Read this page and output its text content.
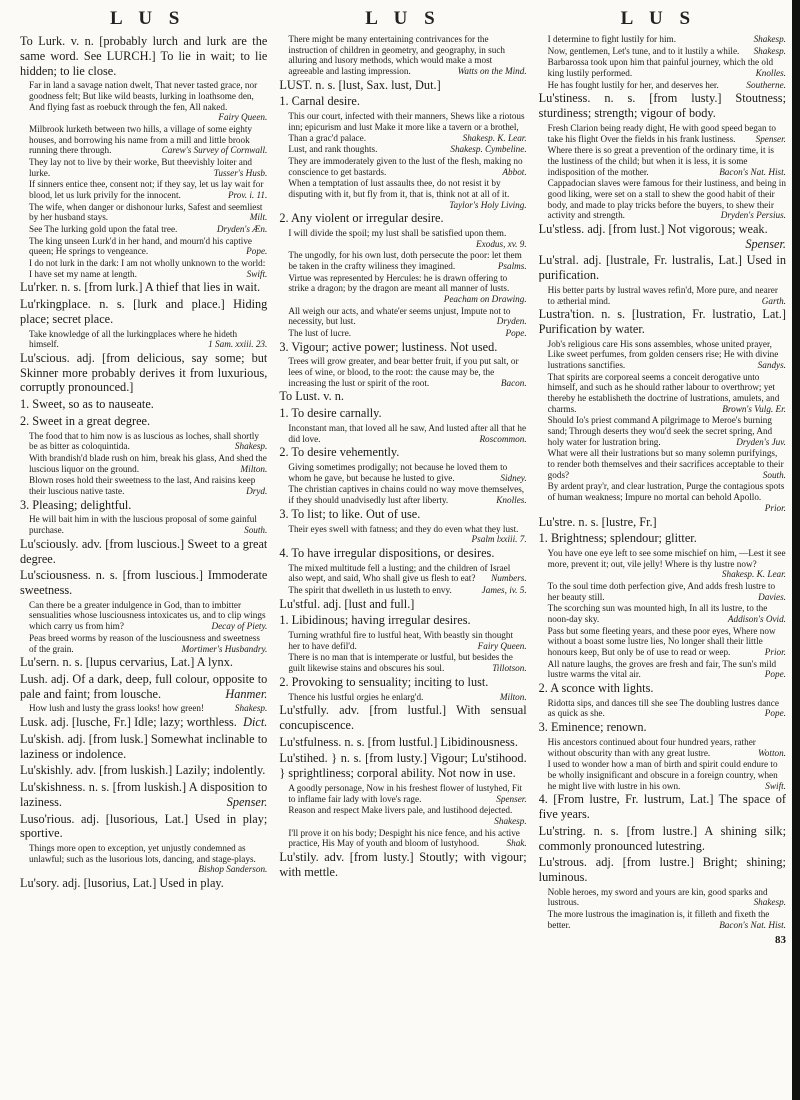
L U S	L U S	L U S
To Lurk. v. n. [probably lurch and lurk are the same word. See LURCH.] To lie in wait; to lie hidden; to lie close.
Far in land a savage nation dwelt, That never tasted grace, nor goodness felt; But like wild beasts, lurking in loathsome den, And flying fast as roebuck through the fen, All naked.
Fairy Queen.
Milbrook lurketh between two hills, a village of some eighty houses, and borrowing his name from a mill and little brook running there through.	Carew's Survey of Cornwall.
They lay not to live by their worke, But theevishly loiter and lurke.	Tusser's Husb.
If sinners entice thee, consent not; if they say, let us lay wait for blood, let us lurk privily for the innocent.	Prov. i. 11.
The wife, when danger or dishonour lurks, Safest and seemliest by her husband stays.	Milt.
See The lurking gold upon the fatal tree.	Dryden's Æn.
The king unseen Lurk'd in her hand, and mourn'd his captive queen; He springs to vengeance.	Pope.
I do not lurk in the dark: I am not wholly unknown to the world: I have set my name at length.	Swift.
Lu'rker. n. s. [from lurk.] A thief that lies in wait.
Lu'rkingplace. n. s. [lurk and place.] Hiding place; secret place.
Take knowledge of all the lurkingplaces where he hideth himself.	1 Sam. xxiii. 23.
Lu'scious. adj. [from delicious, say some; but Skinner more probably derives it from luxurious, corruptly pronounced.]
1. Sweet, so as to nauseate.
2. Sweet in a great degree.
The food that to him now is as luscious as loches, shall shortly be as bitter as coloquintida.	Shakesp.
With brandish'd blade rush on him, break his glass, And shed the luscious liquor on the ground.	Milton.
Blown roses hold their sweetness to the last, And raisins keep their luscious native taste.	Dryd.
3. Pleasing; delightful.
He will bait him in with the luscious proposal of some gainful purchase.	South.
Lu'sciously. adv. [from luscious.] Sweet to a great degree.
Lu'sciousness. n. s. [from luscious.] Immoderate sweetness.
Can there be a greater indulgence in God, than to imbitter sensualities whose lusciousness intoxicates us, and to clip wings which carry us from him?	Decay of Piety.
Peas breed worms by reason of the lusciousness and sweetness of the grain.	Mortimer's Husbandry.
Lu'sern. n. s. [lupus cervarius, Lat.] A lynx.
Lush. adj. Of a dark, deep, full colour, opposite to pale and faint; from lousche.	Hanmer.
How lush and lusty the grass looks! how green!	Shakesp.
Lusk. adj. [lusche, Fr.] Idle; lazy; worthless. Dict.
Lu'skish. adj. [from lusk.] Somewhat inclinable to laziness or indolence.
Lu'skishly. adv. [from luskish.] Lazily; indolently.
Lu'skishness. n. s. [from luskish.] A disposition to laziness.	Spenser.
Luso'rious. adj. [lusorious, Lat.] Used in play; sportive.
Things more open to exception, yet unjustly condemned as unlawful; such as the lusorious lots, dancing, and stage-plays.
Bishop Sanderson.
Lu'sory. adj. [lusorius, Lat.] Used in play.
There might be many entertaining contrivances for the instruction of children in geometry, and geography, in such alluring and lusory methods, which would make a most agreeable and lasting impression.	Watts on the Mind.
LUST. n. s. [lust, Sax. lust, Dut.]
1. Carnal desire.
This our court, infected with their manners, Shews like a riotous inn; epicurism and lust Make it more like a tavern or a brothel, Than a grac'd palace.	Shakesp. K. Lear.
Lust, and rank thoughts.	Shakesp. Cymbeline.
They are immoderately given to the lust of the flesh, making no conscience to get bastards.	Abbot.
When a temptation of lust assaults thee, do not resist it by disputing with it, but fly from it, that is, think not at all of it.
Taylor's Holy Living.
2. Any violent or irregular desire.
I will divide the spoil; my lust shall be satisfied upon them.
Exodus, xv. 9.
The ungodly, for his own lust, doth persecute the poor: let them be taken in the crafty wiliness they imagined.	Psalms.
Virtue was represented by Hercules: he is drawn offering to strike a dragon; by the dragon are meant all manner of lusts.
Peacham on Drawing.
All weigh our acts, and whate'er seems unjust, Impute not to necessity, but lust.	Dryden.
The lust of lucre.	Pope.
3. Vigour; active power; lustiness. Not used.
Trees will grow greater, and bear better fruit, if you put salt, or lees of wine, or blood, to the root: the cause may be, the increasing the lust or spirit of the root.	Bacon.
To Lust. v. n.
1. To desire carnally.
Inconstant man, that loved all he saw, And lusted after all that he did love.	Roscommon.
2. To desire vehemently.
Giving sometimes prodigally; not because he loved them to whom he gave, but because he lusted to give.	Sidney.
The christian captives in chains could no way move themselves, if they should unadvisedly lust after liberty.	Knolles.
3. To list; to like. Out of use.
Their eyes swell with fatness; and they do even what they lust.
Psalm lxxiii. 7.
4. To have irregular dispositions, or desires.
The mixed multitude fell a lusting; and the children of Israel also wept, and said, Who shall give us flesh to eat? Numbers.
The spirit that dwelleth in us lusteth to envy.	James, iv. 5.
Lu'stful. adj. [lust and full.]
1. Libidinous; having irregular desires.
Turning wrathful fire to lustful heat, With beastly sin thought her to have defil'd.	Fairy Queen.
There is no man that is intemperate or lustful, but besides the guilt likewise stains and obscures his soul.	Tillotson.
2. Provoking to sensuality; inciting to lust.
Thence his lustful orgies he enlarg'd.	Milton.
Lu'stfully. adv. [from lustful.] With sensual concupiscence.
Lu'stfulness. n. s. [from lustful.] Libidinousness.
Lu'stihed. } n. s. [from lusty.] Vigour; Lu'stihood. } sprightliness; corporal ability. Not now in use.
A goodly personage, Now in his freshest flower of lustyhed, Fit to inflame fair lady with love's rage.	Spenser.
Reason and respect Make livers pale, and lustihood dejected.
Shakesp.
I'll prove it on his body; Despight his nice fence, and his active practice, His May of youth and bloom of lustyhood.	Shak.
Lu'stily. adv. [from lusty.] Stoutly; with vigour; with mettle.
I determine to fight lustily for him.	Shakesp.
Now, gentlemen, Let's tune, and to it lustily a while. Shakesp.
Barbarossa took upon him that painful journey, which the old king lustily performed.	Knolles.
He has fought lustily for her, and deserves her.	Southerne.
Lu'stiness. n. s. [from lusty.] Stoutness; sturdiness; strength; vigour of body.
Fresh Clarion being ready dight, He with good speed began to take his flight Over the fields in his frank lustiness. Spenser.
Where there is so great a prevention of the ordinary time, it is the lustiness of the child; but when it is less, it is some indisposition of the mother.	Bacon's Nat. Hist.
Cappadocian slaves were famous for their lustiness, and being in good liking, were set on a stall to shew the good habit of their body, and made to play tricks before the buyers, to shew their activity and strength.	Dryden's Persius.
Lu'stless. adj. [from lust.] Not vigorous; weak.
Spenser.
Lu'stral. adj. [lustrale, Fr. lustralis, Lat.] Used in purification.
His better parts by lustral waves refin'd, More pure, and nearer to ætherial mind.	Garth.
Lustra'tion. n. s. [lustration, Fr. lustratio, Lat.] Purification by water.
Job's religious care His sons assembles, whose united prayer, Like sweet perfumes, from golden censers rise; He with divine lustrations sanctifies.	Sandys.
That spirits are corporeal seems a conceit derogative unto himself, and such as he should rather labour to overthrow; yet thereby he establisheth the doctrine of lustrations, amulets, and charms.	Brown's Vulg. Er.
Should Io's priest command A pilgrimage to Meroe's burning sand; Through deserts they wou'd seek the secret spring, And holy water for lustration bring.	Dryden's Juv.
What were all their lustrations but so many solemn purifyings, to render both themselves and their sacrifices acceptable to their gods?	South.
By ardent pray'r, and clear lustration, Purge the contagious spots of human weakness; Impure no mortal can behold Apollo.
Prior.
Lu'stre. n. s. [lustre, Fr.]
1. Brightness; splendour; glitter.
You have one eye left to see some mischief on him, —Lest it see more, prevent it; out, vile jelly! Where is thy lustre now?
Shakesp. K. Lear.
To the soul time doth perfection give, And adds fresh lustre to her beauty still.	Davies.
The scorching sun was mounted high, In all its lustre, to the noon-day sky.	Addison's Ovid.
Pass but some fleeting years, and these poor eyes, Where now without a boast some lustre lies, No longer shall their little honours keep, But only be of use to read or weep.	Prior.
All nature laughs, the groves are fresh and fair, The sun's mild lustre warms the vital air.	Pope.
2. A sconce with lights.
Ridotta sips, and dances till she see The doubling lustres dance as quick as she.	Pope.
3. Eminence; renown.
His ancestors continued about four hundred years, rather without obscurity than with any great lustre.	Wotton.
I used to wonder how a man of birth and spirit could endure to be wholly insignificant and obscure in a foreign country, when he might live with lustre in his own.	Swift.
4. [From lustre, Fr. lustrum, Lat.] The space of five years.
Lu'string. n. s. [from lustre.] A shining silk; commonly pronounced lutestring.
Lu'strous. adj. [from lustre.] Bright; shining; luminous.
Noble heroes, my sword and yours are kin, good sparks and lustrous.	Shakesp.
The more lustrous the imagination is, it filleth and fixeth the better.	Bacon's Nat. Hist.
83
